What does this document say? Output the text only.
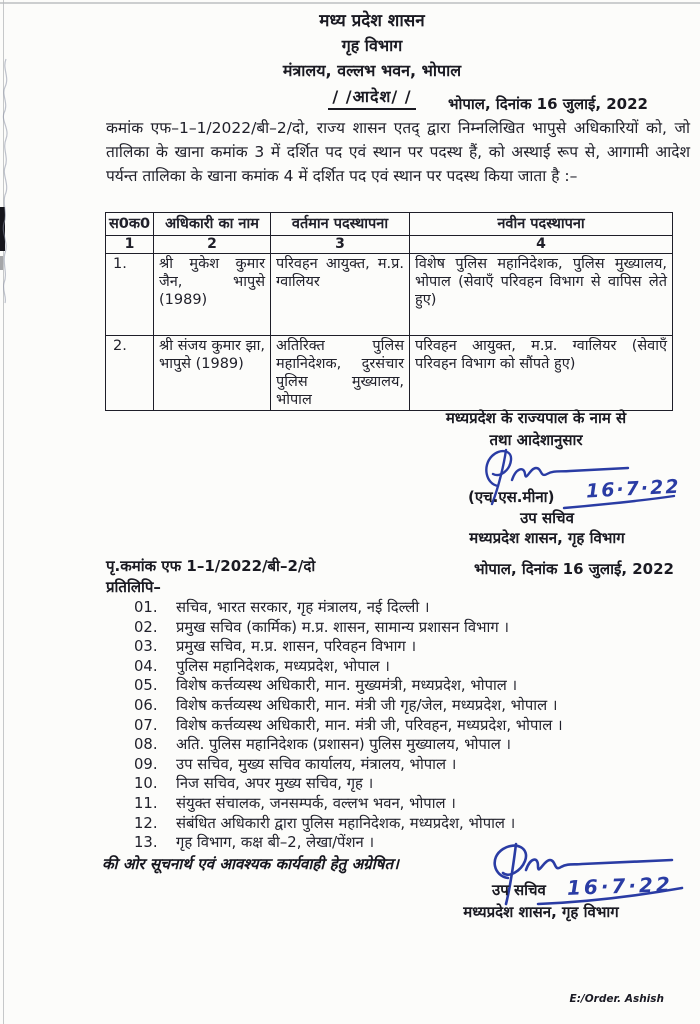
मध्य प्रदेश शासन
गृह विभाग
मंत्रालय, वल्लभ भवन, भोपाल
/ /आदेश/ /	भोपाल, दिनांक 16 जुलाई, 2022
कमांक एफ–1–1/2022/बी–2/दो, राज्य शासन एतद् द्वारा निम्नलिखित भापुसे अधिकारियों को, जो तालिका के खाना कमांक 3 में दर्शित पद एवं स्थान पर पदस्थ हैं, को अस्थाई रूप से, आगामी आदेश पर्यन्त तालिका के खाना कमांक 4 में दर्शित पद एवं स्थान पर पदस्थ किया जाता है :–
स0क0	अधिकारी का नाम	वर्तमान पदस्थापना	नवीन पदस्थापना
1	2	3	4
1.	श्री मुकेश कुमार जैन, भापुसे (1989)	परिवहन आयुक्त, म.प्र. ग्वालियर	विशेष पुलिस महानिदेशक, पुलिस मुख्यालय, भोपाल (सेवाएँ परिवहन विभाग से वापिस लेते हुए)
2.	श्री संजय कुमार झा, भापुसे (1989)	अतिरिक्त पुलिस महानिदेशक, दुरसंचार पुलिस मुख्यालय, भोपाल	परिवहन आयुक्त, म.प्र. ग्वालियर (सेवाएँ परिवहन विभाग को सौंपते हुए)
मध्यप्रदेश के राज्यपाल के नाम से
तथा आदेशानुसार
(एच.एस.मीना) 16·7·22
उप सचिव
मध्यप्रदेश शासन, गृह विभाग
पृ.कमांक एफ 1–1/2022/बी–2/दो	भोपाल, दिनांक 16 जुलाई, 2022
प्रतिलिपि–
01.	सचिव, भारत सरकार, गृह मंत्रालय, नई दिल्ली ।
02.	प्रमुख सचिव (कार्मिक) म.प्र. शासन, सामान्य प्रशासन विभाग ।
03.	प्रमुख सचिव, म.प्र. शासन, परिवहन विभाग ।
04.	पुलिस महानिदेशक, मध्यप्रदेश, भोपाल ।
05.	विशेष कर्त्तव्यस्थ अधिकारी, मान. मुख्यमंत्री, मध्यप्रदेश, भोपाल ।
06.	विशेष कर्त्तव्यस्थ अधिकारी, मान. मंत्री जी गृह/जेल, मध्यप्रदेश, भोपाल ।
07.	विशेष कर्त्तव्यस्थ अधिकारी, मान. मंत्री जी, परिवहन, मध्यप्रदेश, भोपाल ।
08.	अति. पुलिस महानिदेशक (प्रशासन) पुलिस मुख्यालय, भोपाल ।
09.	उप सचिव, मुख्य सचिव कार्यालय, मंत्रालय, भोपाल ।
10.	निज सचिव, अपर मुख्य सचिव, गृह ।
11.	संयुक्त संचालक, जनसम्पर्क, वल्लभ भवन, भोपाल ।
12.	संबंधित अधिकारी द्वारा पुलिस महानिदेशक, मध्यप्रदेश, भोपाल ।
13.	गृह विभाग, कक्ष बी–2, लेखा/पेंशन ।
की ओर सूचनार्थ एवं आवश्यक कार्यवाही हेतु अग्रेषित।
उप सचिव 16·7·22
मध्यप्रदेश शासन, गृह विभाग
E:/Order. Ashish
